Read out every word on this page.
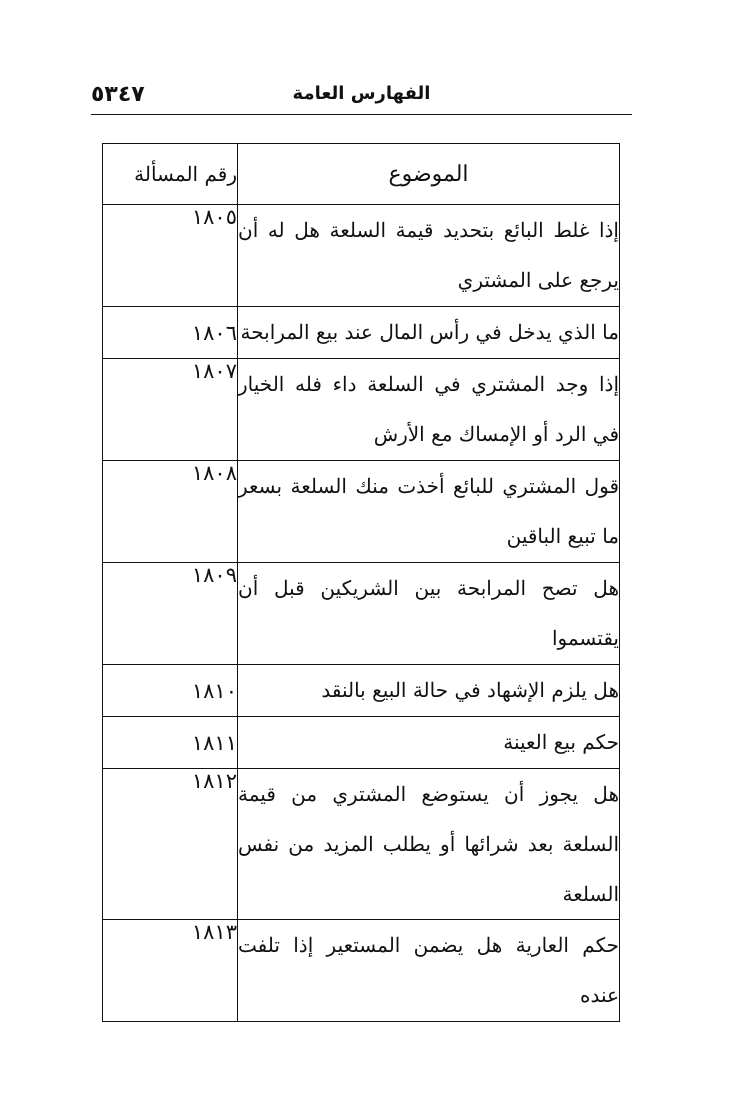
٥٣٤٧	الفهارس العامة
الموضوع	رقم المسألة
إذا غلط البائع بتحديد قيمة السلعة هل له أن يرجع على المشتري	١٨٠٥
ما الذي يدخل في رأس المال عند بيع المرابحة	١٨٠٦
إذا وجد المشتري في السلعة داء فله الخيار في الرد أو الإمساك مع الأرش	١٨٠٧
قول المشتري للبائع أخذت منك السلعة بسعر ما تبيع الباقين	١٨٠٨
هل تصح المرابحة بين الشريكين قبل أن يقتسموا	١٨٠٩
هل يلزم الإشهاد في حالة البيع بالنقد	١٨١٠
حكم بيع العينة	١٨١١
هل يجوز أن يستوضع المشتري من قيمة السلعة بعد شرائها أو يطلب المزيد من نفس السلعة	١٨١٢
حكم العارية هل يضمن المستعير إذا تلفت عنده	١٨١٣
